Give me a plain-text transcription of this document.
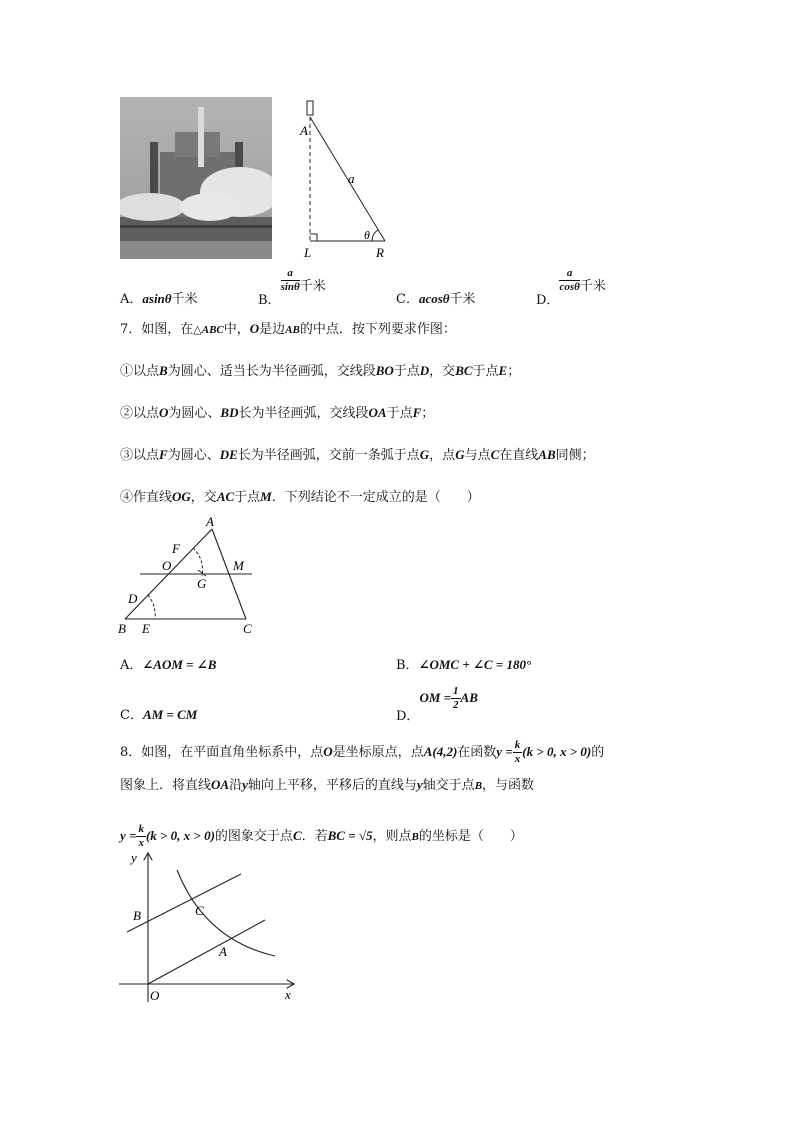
A
a
θ
L	R
A．asinθ千米	B．
$\frac{a}{\sin\theta}$ 千米
C．acosθ千米	D．
$\frac{a}{\cos\theta}$ 千米
7．如图，在△ABC中，O是边AB的中点．按下列要求作图：
①以点B为圆心、适当长为半径画弧，交线段BO于点D，交BC于点E；
②以点O为圆心、BD长为半径画弧，交线段OA于点F；
③以点F为圆心、DE长为半径画弧，交前一条弧于点G，点G与点C在直线AB同侧；
④作直线OG，交AC于点M．下列结论不一定成立的是（　　）
A
F
O
G
M
D
B E	C
A．∠AOM = ∠B	B．∠OMC + ∠C = 180°
C．AM = CM	D．OM = $\frac{1}{2}$ AB
8．如图，在平面直角坐标系中，点O是坐标原点，点A(4,2)在函数$y = \frac{k}{x} (k > 0$, x > 0)的
图象上．将直线OA沿y轴向上平移，平移后的直线与y轴交于点B，与函数
$y = \frac{k}{x} (k > 0$, x > 0)的图象交于点C．若BC = √5，则点B的坐标是（　　）
y
x
O
B	C
A
